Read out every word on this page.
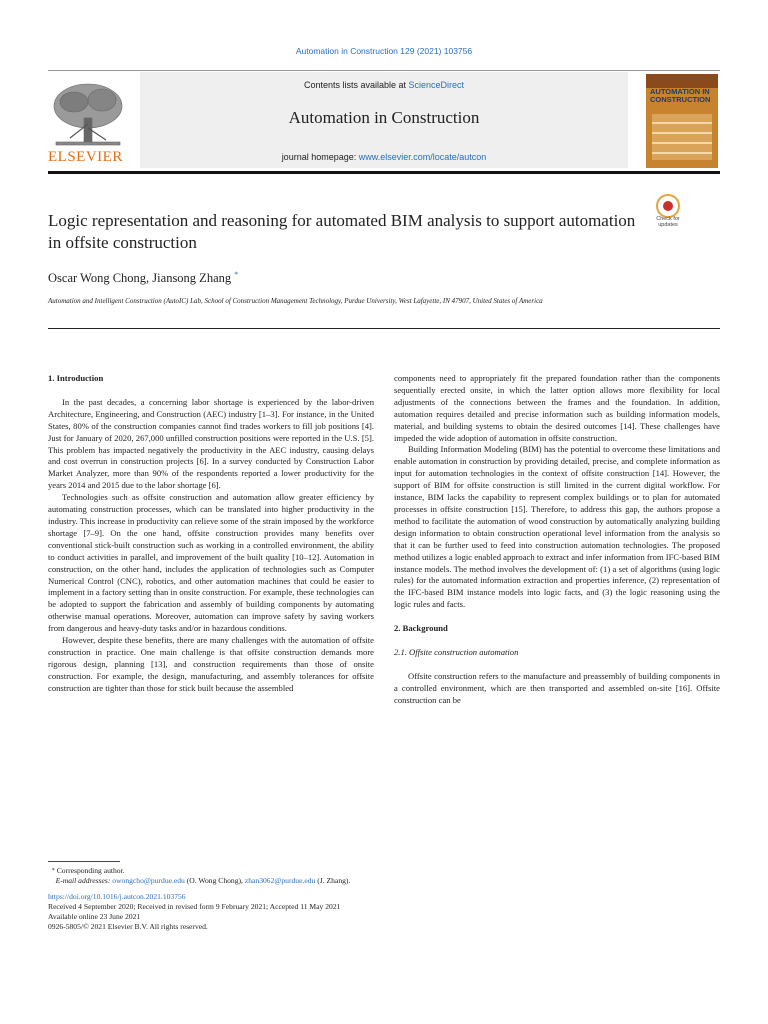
Automation in Construction 129 (2021) 103756
ELSEVIER
Contents lists available at ScienceDirect
Automation in Construction
journal homepage: www.elsevier.com/locate/autcon
AUTOMATION IN CONSTRUCTION
Logic representation and reasoning for automated BIM analysis to support automation in offsite construction
Check for updates
Oscar Wong Chong, Jiansong Zhang *
Automation and Intelligent Construction (AutoIC) Lab, School of Construction Management Technology, Purdue University, West Lafayette, IN 47907, United States of America

1. Introduction

In the past decades, a concerning labor shortage is experienced by the labor-driven Architecture, Engineering, and Construction (AEC) industry [1–3]. For instance, in the United States, 80% of the construction companies cannot find trades workers to fill job positions [4]. Just for January of 2020, 267,000 unfilled construction positions were reported in the U.S. [5]. This problem has impacted negatively the productivity in the AEC industry, causing delays and cost overrun in construction projects [6]. In a survey conducted by Construction Labor Market Analyzer, more than 90% of the respondents reported a lower productivity for the years 2014 and 2015 due to the labor shortage [6].

Technologies such as offsite construction and automation allow greater efficiency by automating construction processes, which can be translated into higher productivity in the industry. This increase in productivity can relieve some of the strain imposed by the workforce shortage [7–9]. On the one hand, offsite construction provides many benefits over conventional stick-built construction such as working in a controlled environment, the ability to conduct activities in parallel, and improvement of the built quality [10–12]. Automation in construction, on the other hand, includes the application of technologies such as Computer Numerical Control (CNC), robotics, and other automation machines that could be easier to implement in a factory setting than in onsite construction. For example, these technologies can be adopted to support the fabrication and assembly of building components by automating otherwise manual operations. Moreover, automation can improve safety by saving workers from dangerous and heavy-duty tasks and/or in hazardous conditions.

However, despite these benefits, there are many challenges with the automation of offsite construction in practice. One main challenge is that offsite construction demands more rigorous design, planning [13], and construction requirements than those of onsite construction. For example, the design, manufacturing, and assembly tolerances for offsite construction are tighter than those for stick built because the assembled

components need to appropriately fit the prepared foundation rather than the components sequentially erected onsite, in which the latter option allows more flexibility for local adjustments of the connections between the frames and the foundation. In addition, automation requires detailed and precise information such as building information models, material, and building systems to obtain the desired outcomes [14]. These challenges have impeded the wide adoption of automation in offsite construction.

Building Information Modeling (BIM) has the potential to overcome these limitations and enable automation in construction by providing detailed, precise, and complete information as input for automation technologies in the context of offsite construction [14]. However, the support of BIM for offsite construction is still limited in the current digital workflow. For instance, BIM lacks the capability to represent complex buildings or to plan for automated processes in offsite construction [15]. Therefore, to address this gap, the authors propose a method to facilitate the automation of wood construction by automatically analyzing building design information to obtain construction operational level information from the analysis so that it can be further used to feed into construction automation technologies. The proposed method utilizes a logic enabled approach to extract and infer information from IFC-based BIM instance models. The method involves the development of: (1) a set of algorithms (using logic rules) for the automated information extraction and properties inference, (2) representation of the IFC-based BIM instance models into logic facts, and (3) the logic reasoning using the logic rules and facts.

2. Background

2.1. Offsite construction automation

Offsite construction refers to the manufacture and preassembly of building components in a controlled environment, which are then transported and assembled on-site [16]. Offsite construction can be

* Corresponding author.

E-mail addresses: owongcho@purdue.edu (O. Wong Chong), zhan3062@purdue.edu (J. Zhang).

https://doi.org/10.1016/j.autcon.2021.103756

Received 4 September 2020; Received in revised form 9 February 2021; Accepted 11 May 2021

Available online 23 June 2021

0926-5805/© 2021 Elsevier B.V. All rights reserved.
